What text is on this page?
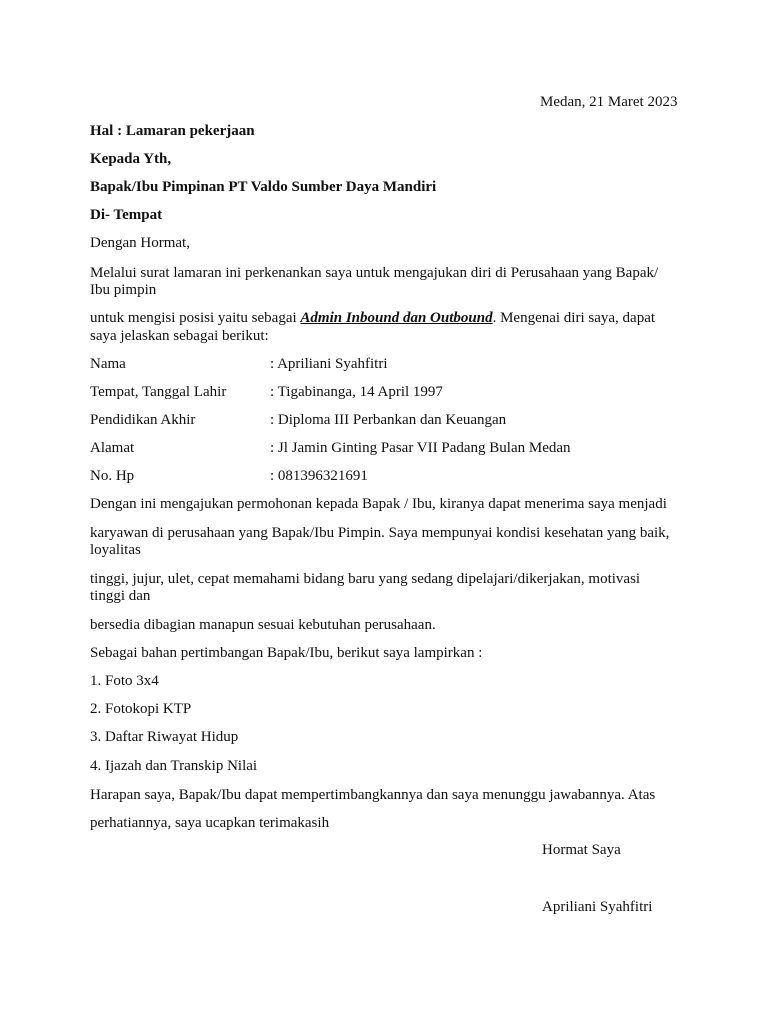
Medan, 21 Maret 2023
Hal : Lamaran pekerjaan
Kepada Yth,
Bapak/Ibu Pimpinan PT Valdo Sumber Daya Mandiri
Di- Tempat
Dengan Hormat,
Melalui surat lamaran ini perkenankan saya untuk mengajukan diri di Perusahaan yang Bapak/
Ibu pimpin
untuk mengisi posisi yaitu sebagai Admin Inbound dan Outbound. Mengenai diri saya, dapat
saya jelaskan sebagai berikut:
Nama	: Apriliani Syahfitri
Tempat, Tanggal Lahir	: Tigabinanga, 14 April 1997
Pendidikan Akhir	: Diploma III Perbankan dan Keuangan
Alamat	: Jl Jamin Ginting Pasar VII Padang Bulan Medan
No. Hp	: 081396321691
Dengan ini mengajukan permohonan kepada Bapak / Ibu, kiranya dapat menerima saya menjadi
karyawan di perusahaan yang Bapak/Ibu Pimpin. Saya mempunyai kondisi kesehatan yang baik,
loyalitas
tinggi, jujur, ulet, cepat memahami bidang baru yang sedang dipelajari/dikerjakan, motivasi
tinggi dan
bersedia dibagian manapun sesuai kebutuhan perusahaan.
Sebagai bahan pertimbangan Bapak/Ibu, berikut saya lampirkan :
1. Foto 3x4
2. Fotokopi KTP
3. Daftar Riwayat Hidup
4. Ijazah dan Transkip Nilai
Harapan saya, Bapak/Ibu dapat mempertimbangkannya dan saya menunggu jawabannya. Atas
perhatiannya, saya ucapkan terimakasih
Hormat Saya
Apriliani Syahfitri
